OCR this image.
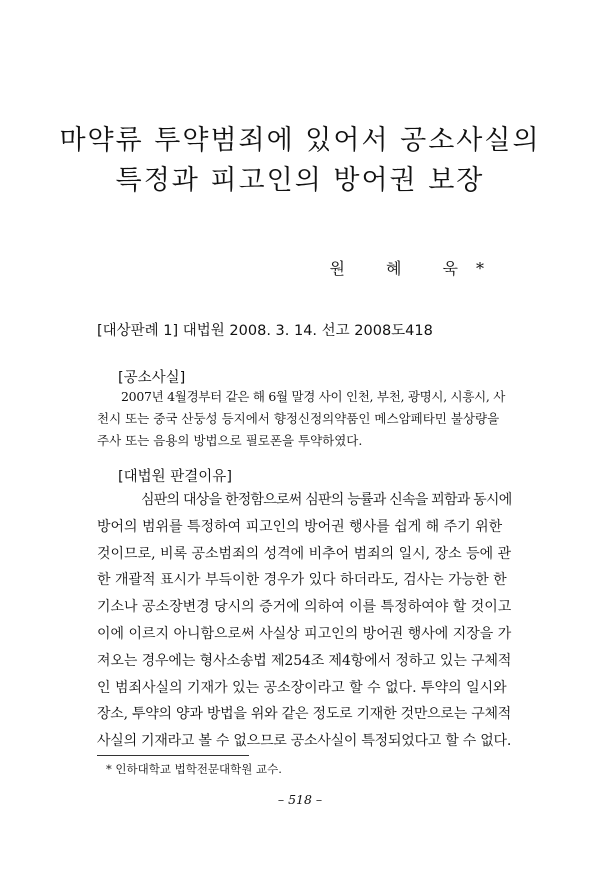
마약류 투약범죄에 있어서 공소사실의
특정과 피고인의 방어권 보장
원 혜 욱*
[대상판례 1] 대법원 2008. 3. 14. 선고 2008도418
[공소사실]
2007년 4월경부터 같은 해 6월 말경 사이 인천, 부천, 광명시, 시흥시, 사
천시 또는 중국 산둥성 등지에서 향정신정의약품인 메스암페타민 불상량을
주사 또는 음용의 방법으로 필로폰을 투약하였다.
[대법원 판결이유]
심판의 대상을 한정함으로써 심판의 능률과 신속을 꾀함과 동시에
방어의 범위를 특정하여 피고인의 방어권 행사를 쉽게 해 주기 위한
것이므로, 비록 공소범죄의 성격에 비추어 범죄의 일시, 장소 등에 관
한 개괄적 표시가 부득이한 경우가 있다 하더라도, 검사는 가능한 한
기소나 공소장변경 당시의 증거에 의하여 이를 특정하여야 할 것이고
이에 이르지 아니함으로써 사실상 피고인의 방어권 행사에 지장을 가
져오는 경우에는 형사소송법 제254조 제4항에서 정하고 있는 구체적
인 범죄사실의 기재가 있는 공소장이라고 할 수 없다. 투약의 일시와
장소, 투약의 양과 방법을 위와 같은 정도로 기재한 것만으로는 구체적
사실의 기재라고 볼 수 없으므로 공소사실이 특정되었다고 할 수 없다.
* 인하대학교 법학전문대학원 교수.
– 518 –
